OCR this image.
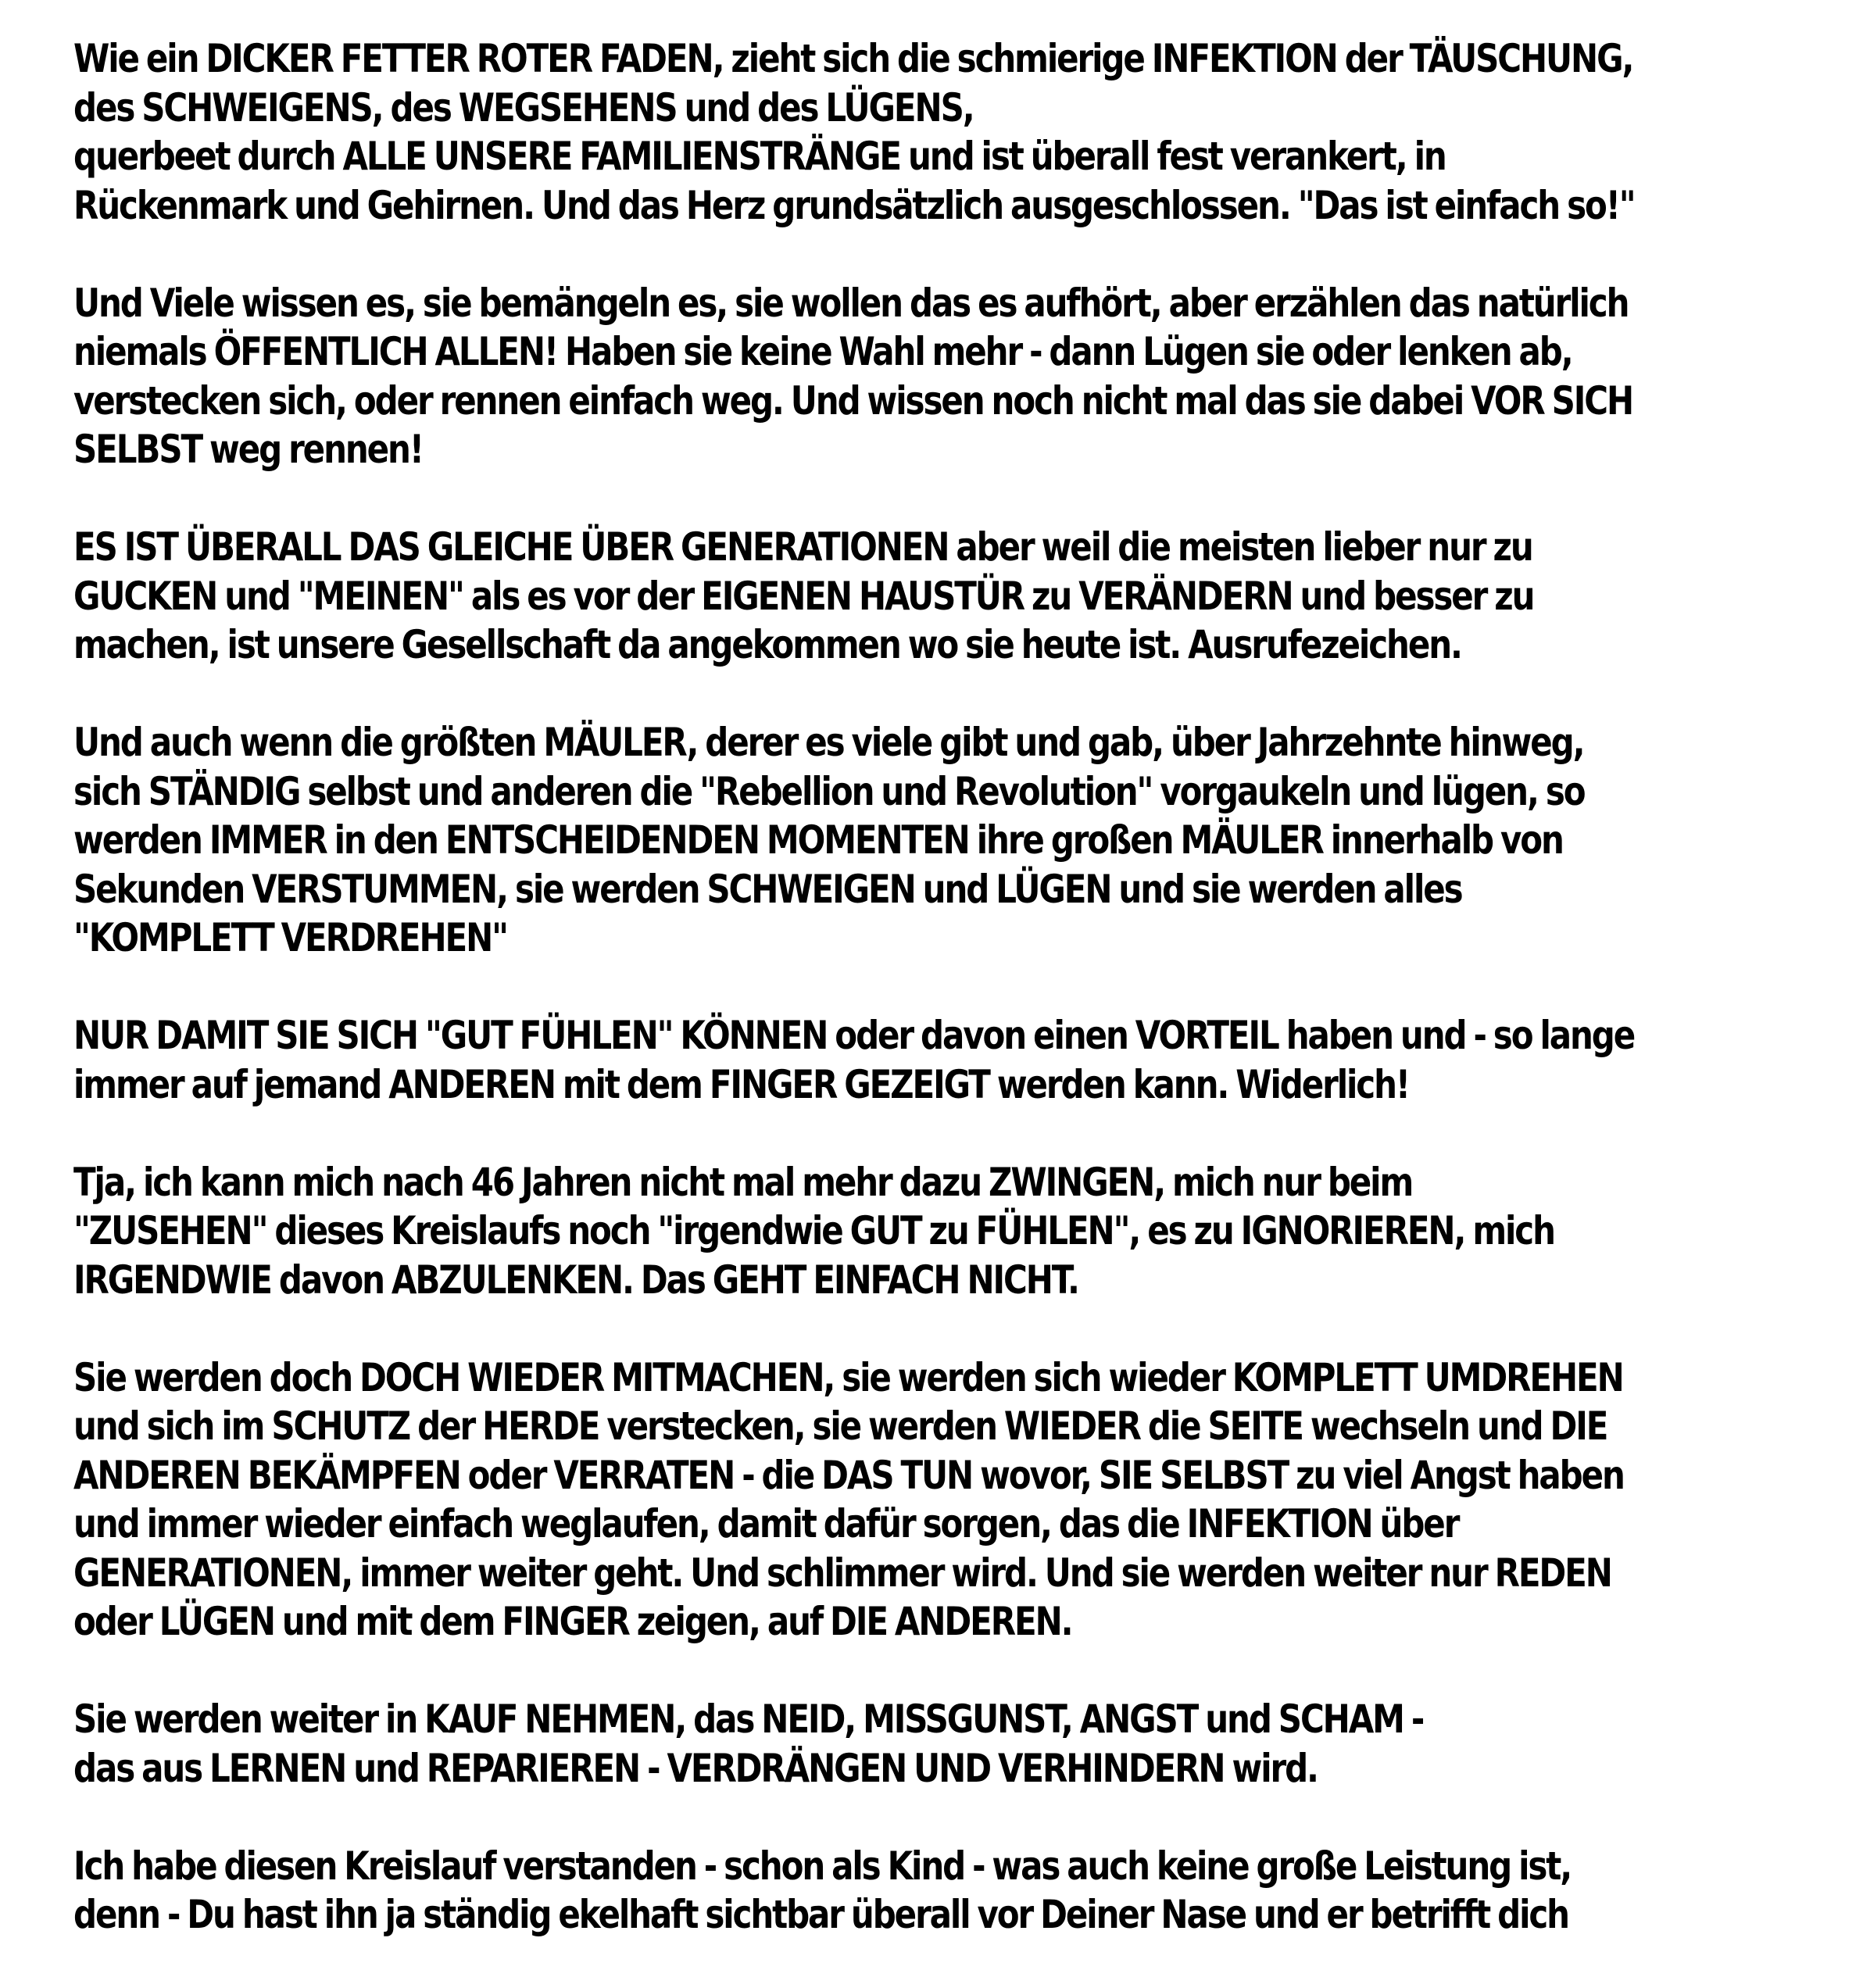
Wie ein DICKER FETTER ROTER FADEN, zieht sich die schmierige INFEKTION der TÄUSCHUNG,
des SCHWEIGENS, des WEGSEHENS und des LÜGENS,
querbeet durch ALLE UNSERE FAMILIENSTRÄNGE und ist überall fest verankert, in
Rückenmark und Gehirnen. Und das Herz grundsätzlich ausgeschlossen. "Das ist einfach so!"
Und Viele wissen es, sie bemängeln es, sie wollen das es aufhört, aber erzählen das natürlich
niemals ÖFFENTLICH ALLEN! Haben sie keine Wahl mehr - dann Lügen sie oder lenken ab,
verstecken sich, oder rennen einfach weg. Und wissen noch nicht mal das sie dabei VOR SICH
SELBST weg rennen!
ES IST ÜBERALL DAS GLEICHE ÜBER GENERATIONEN aber weil die meisten lieber nur zu
GUCKEN und "MEINEN" als es vor der EIGENEN HAUSTÜR zu VERÄNDERN und besser zu
machen, ist unsere Gesellschaft da angekommen wo sie heute ist. Ausrufezeichen.
Und auch wenn die größten MÄULER, derer es viele gibt und gab, über Jahrzehnte hinweg,
sich STÄNDIG selbst und anderen die "Rebellion und Revolution" vorgaukeln und lügen, so
werden IMMER in den ENTSCHEIDENDEN MOMENTEN ihre großen MÄULER innerhalb von
Sekunden VERSTUMMEN, sie werden SCHWEIGEN und LÜGEN und sie werden alles
"KOMPLETT VERDREHEN"
NUR DAMIT SIE SICH "GUT FÜHLEN" KÖNNEN oder davon einen VORTEIL haben und - so lange
immer auf jemand ANDEREN mit dem FINGER GEZEIGT werden kann. Widerlich!
Tja, ich kann mich nach 46 Jahren nicht mal mehr dazu ZWINGEN, mich nur beim
"ZUSEHEN" dieses Kreislaufs noch "irgendwie GUT zu FÜHLEN", es zu IGNORIEREN, mich
IRGENDWIE davon ABZULENKEN. Das GEHT EINFACH NICHT.
Sie werden doch DOCH WIEDER MITMACHEN, sie werden sich wieder KOMPLETT UMDREHEN
und sich im SCHUTZ der HERDE verstecken, sie werden WIEDER die SEITE wechseln und DIE
ANDEREN BEKÄMPFEN oder VERRATEN - die DAS TUN wovor, SIE SELBST zu viel Angst haben
und immer wieder einfach weglaufen, damit dafür sorgen, das die INFEKTION über
GENERATIONEN, immer weiter geht. Und schlimmer wird. Und sie werden weiter nur REDEN
oder LÜGEN und mit dem FINGER zeigen, auf DIE ANDEREN.
Sie werden weiter in KAUF NEHMEN, das NEID, MISSGUNST, ANGST und SCHAM -
das aus LERNEN und REPARIEREN - VERDRÄNGEN UND VERHINDERN wird.
Ich habe diesen Kreislauf verstanden - schon als Kind - was auch keine große Leistung ist,
denn - Du hast ihn ja ständig ekelhaft sichtbar überall vor Deiner Nase und er betrifft dich
